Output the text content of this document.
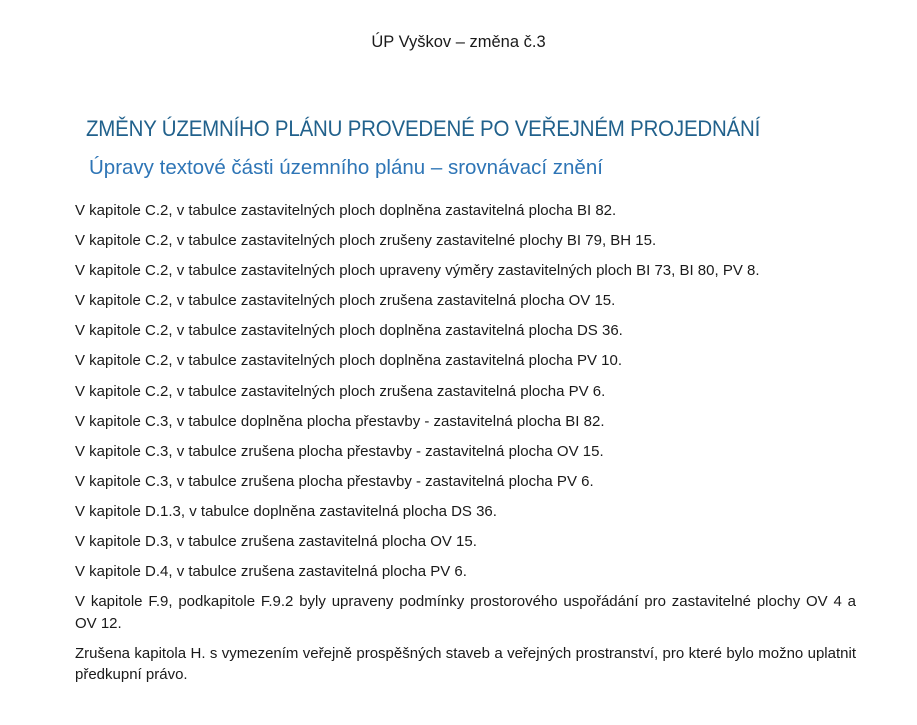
ÚP Vyškov – změna č.3
ZMĚNY ÚZEMNÍHO PLÁNU PROVEDENÉ PO VEŘEJNÉM PROJEDNÁNÍ
Úpravy textové části územního plánu – srovnávací znění

V kapitole C.2, v tabulce zastavitelných ploch doplněna zastavitelná plocha BI 82.

V kapitole C.2, v tabulce zastavitelných ploch zrušeny zastavitelné plochy BI 79, BH 15.

V kapitole C.2, v tabulce zastavitelných ploch upraveny výměry zastavitelných ploch BI 73, BI 80, PV 8.

V kapitole C.2, v tabulce zastavitelných ploch zrušena zastavitelná plocha OV 15.

V kapitole C.2, v tabulce zastavitelných ploch doplněna zastavitelná plocha DS 36.

V kapitole C.2, v tabulce zastavitelných ploch doplněna zastavitelná plocha PV 10.

V kapitole C.2, v tabulce zastavitelných ploch zrušena zastavitelná plocha PV 6.

V kapitole C.3, v tabulce doplněna plocha přestavby - zastavitelná plocha BI 82.

V kapitole C.3, v tabulce zrušena plocha přestavby - zastavitelná plocha OV 15.

V kapitole C.3, v tabulce zrušena plocha přestavby - zastavitelná plocha PV 6.

V kapitole D.1.3, v tabulce doplněna zastavitelná plocha DS 36.

V kapitole D.3, v tabulce zrušena zastavitelná plocha OV 15.

V kapitole D.4, v tabulce zrušena zastavitelná plocha PV 6.

V kapitole F.9, podkapitole F.9.2 byly upraveny podmínky prostorového uspořádání pro zastavitelné plochy OV 4 a OV 12.

Zrušena kapitola H. s vymezením veřejně prospěšných staveb a veřejných prostranství, pro které bylo možno uplatnit předkupní právo.
